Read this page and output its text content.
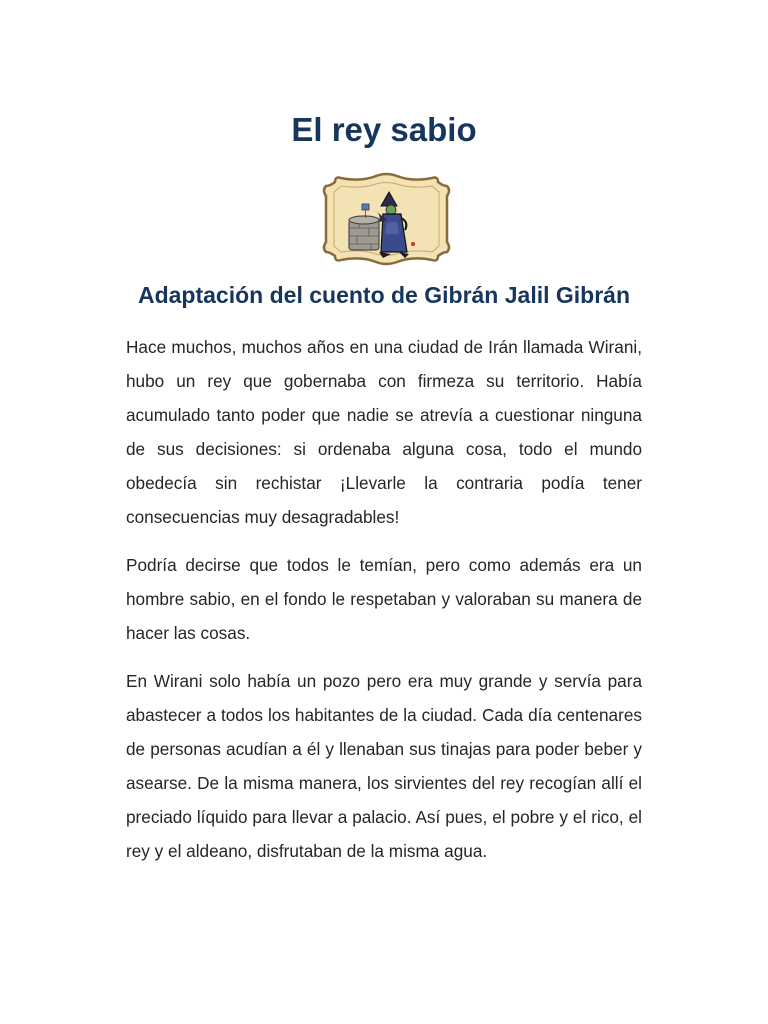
El rey sabio
Adaptación del cuento de Gibrán Jalil Gibrán

Hace muchos, muchos años en una ciudad de Irán llamada Wirani, hubo un rey que gobernaba con firmeza su territorio. Había acumulado tanto poder que nadie se atrevía a cuestionar ninguna de sus decisiones: si ordenaba alguna cosa, todo el mundo obedecía sin rechistar ¡Llevarle la contraria podía tener consecuencias muy desagradables!

Podría decirse que todos le temían, pero como además era un hombre sabio, en el fondo le respetaban y valoraban su manera de hacer las cosas.

En Wirani solo había un pozo pero era muy grande y servía para abastecer a todos los habitantes de la ciudad. Cada día centenares de personas acudían a él y llenaban sus tinajas para poder beber y asearse. De la misma manera, los sirvientes del rey recogían allí el preciado líquido para llevar a palacio. Así pues, el pobre y el rico, el rey y el aldeano, disfrutaban de la misma agua.
